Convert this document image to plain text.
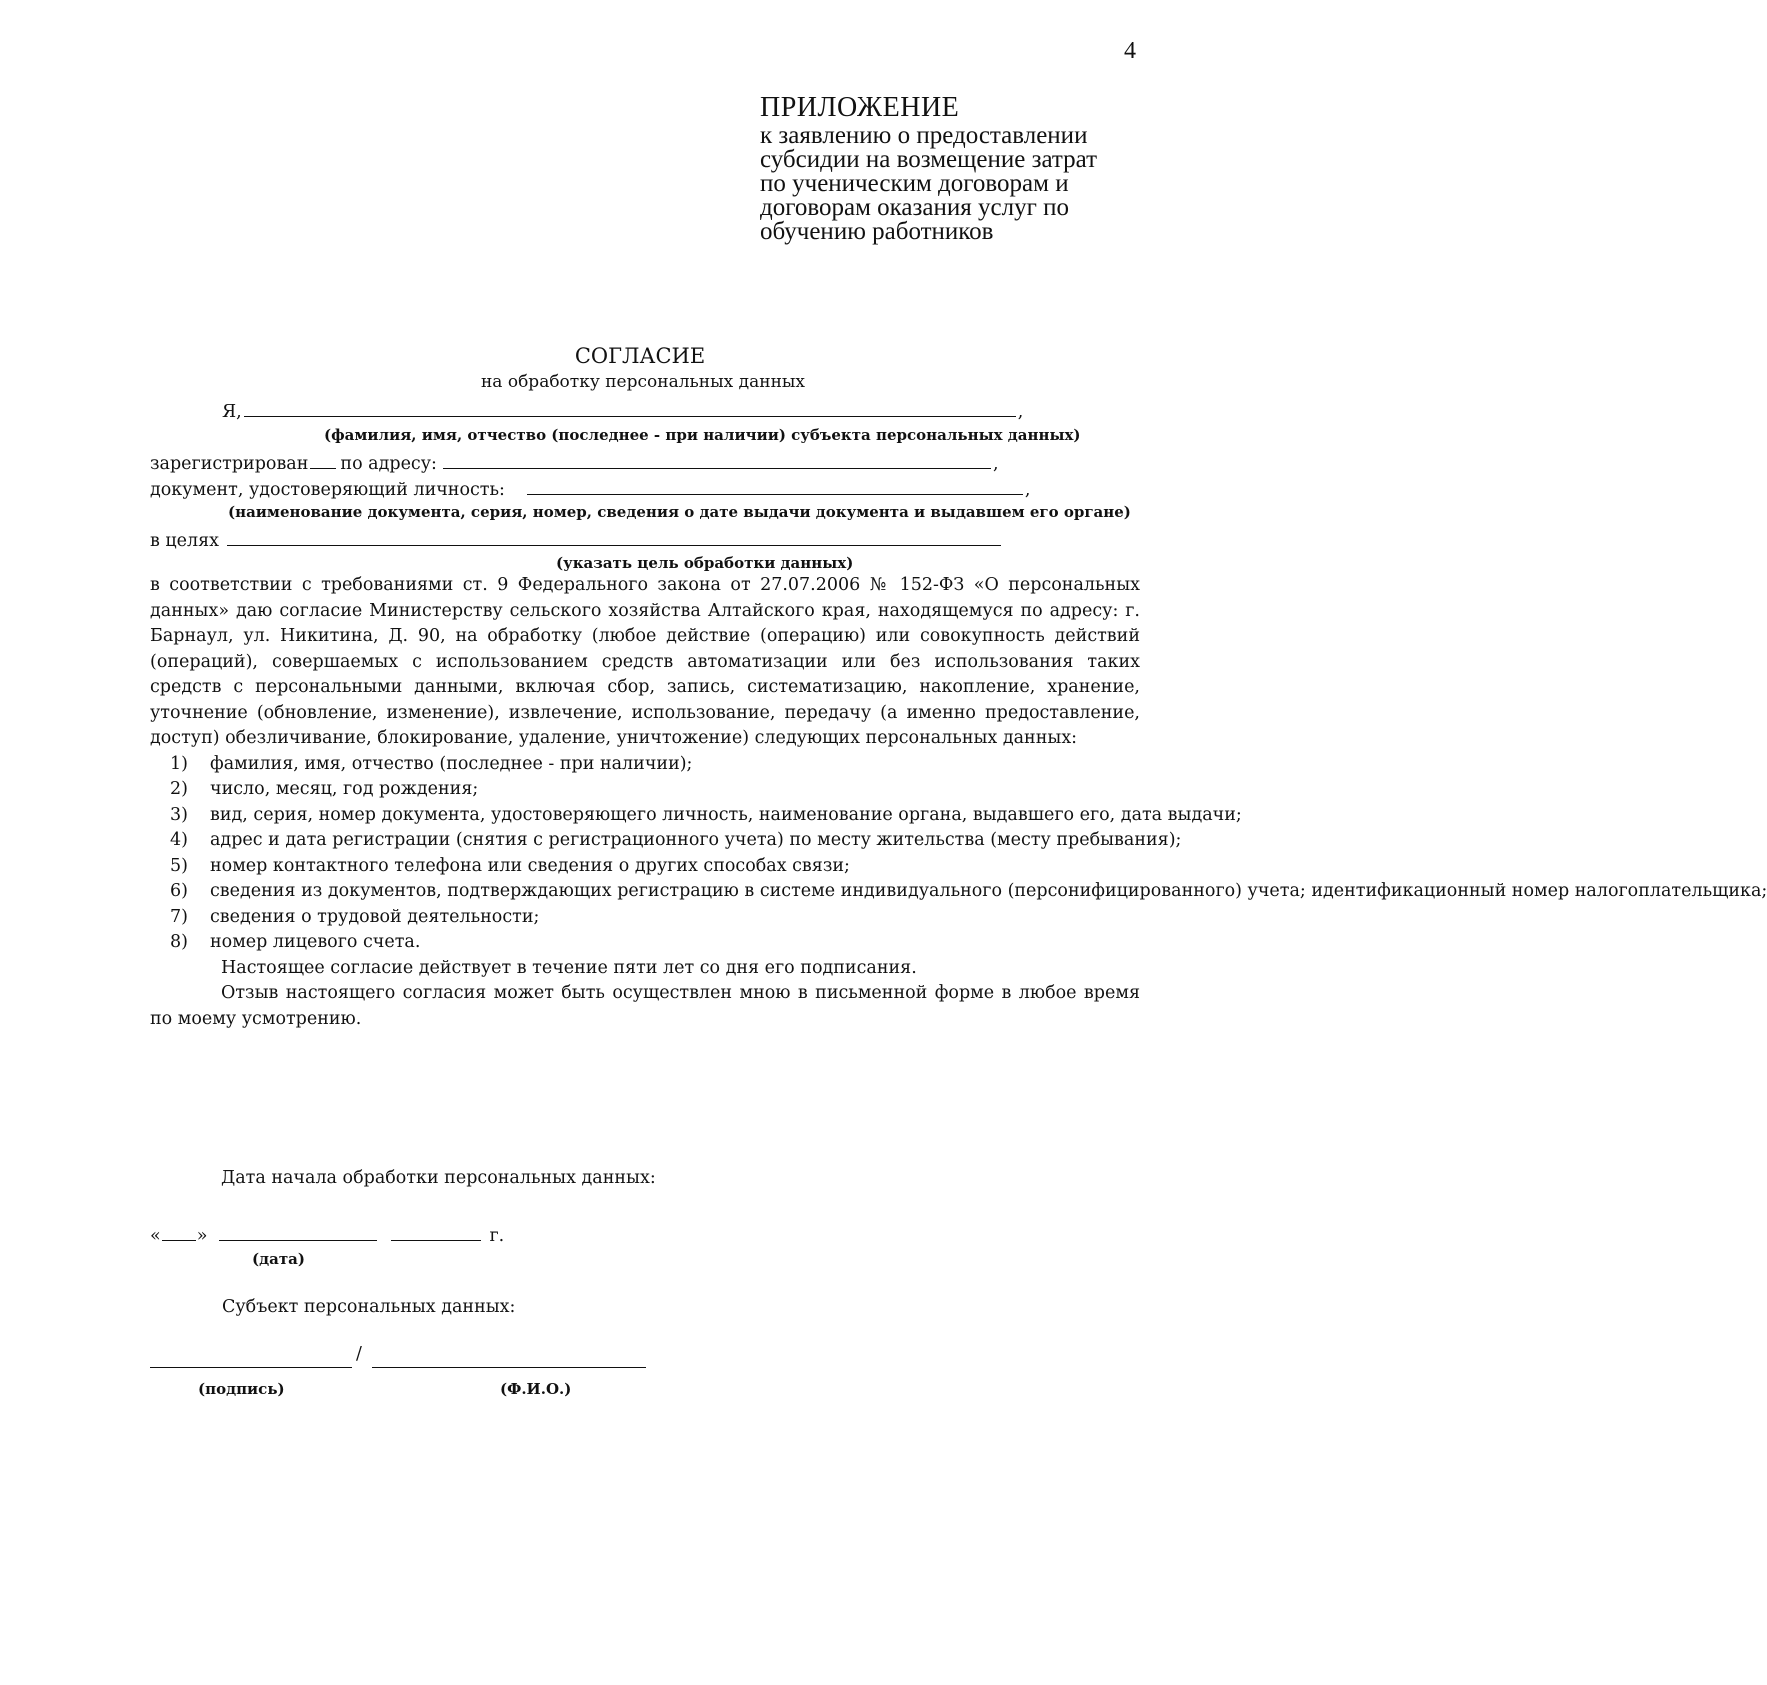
4
ПРИЛОЖЕНИЕ
к заявлению о предоставлении
субсидии на возмещение затрат
по ученическим договорам и
договорам оказания услуг по
обучению работников
СОГЛАСИЕ
на обработку персональных данных
Я,	,
(фамилия, имя, отчество (последнее - при наличии) субъекта персональных данных)
зарегистрирован по адресу:	,
документ, удостоверяющий личность:	,
(наименование документа, серия, номер, сведения о дате выдачи документа и выдавшем его органе)
в целях
(указать цель обработки данных)

в соответствии с требованиями ст. 9 Федерального закона от 27.07.2006 № 152-ФЗ «О персональных данных» даю согласие Министерству сельского хозяйства Алтайского края, находящемуся по адресу: г. Барнаул, ул. Никитина, Д. 90, на обработку (любое действие (операцию) или совокупность действий (операций), совершаемых с использованием средств автоматизации или без использования таких средств с персональными данными, включая сбор, запись, систематизацию, накопление, хранение, уточнение (обновление, изменение), извлечение, использование, передачу (а именно предоставление, доступ) обезличивание, блокирование, удаление, уничтожение) следующих персональных данных:

1) фамилия, имя, отчество (последнее - при наличии);
2) число, месяц, год рождения;
3) вид, серия, номер документа, удостоверяющего личность, наименование органа, выдавшего его, дата выдачи;
4) адрес и дата регистрации (снятия с регистрационного учета) по месту жительства (месту пребывания);
5) номер контактного телефона или сведения о других способах связи;
6) сведения из документов, подтверждающих регистрацию в системе индивидуального (персонифицированного) учета; идентификационный номер налогоплательщика;
7) сведения о трудовой деятельности;
8) номер лицевого счета.

Настоящее согласие действует в течение пяти лет со дня его подписания.

Отзыв настоящего согласия может быть осуществлен мною в письменной форме в любое время по моему усмотрению.

Дата начала обработки персональных данных:
« »	г.
(дата)
Субъект персональных данных:
/
(подпись)	(Ф.И.О.)
